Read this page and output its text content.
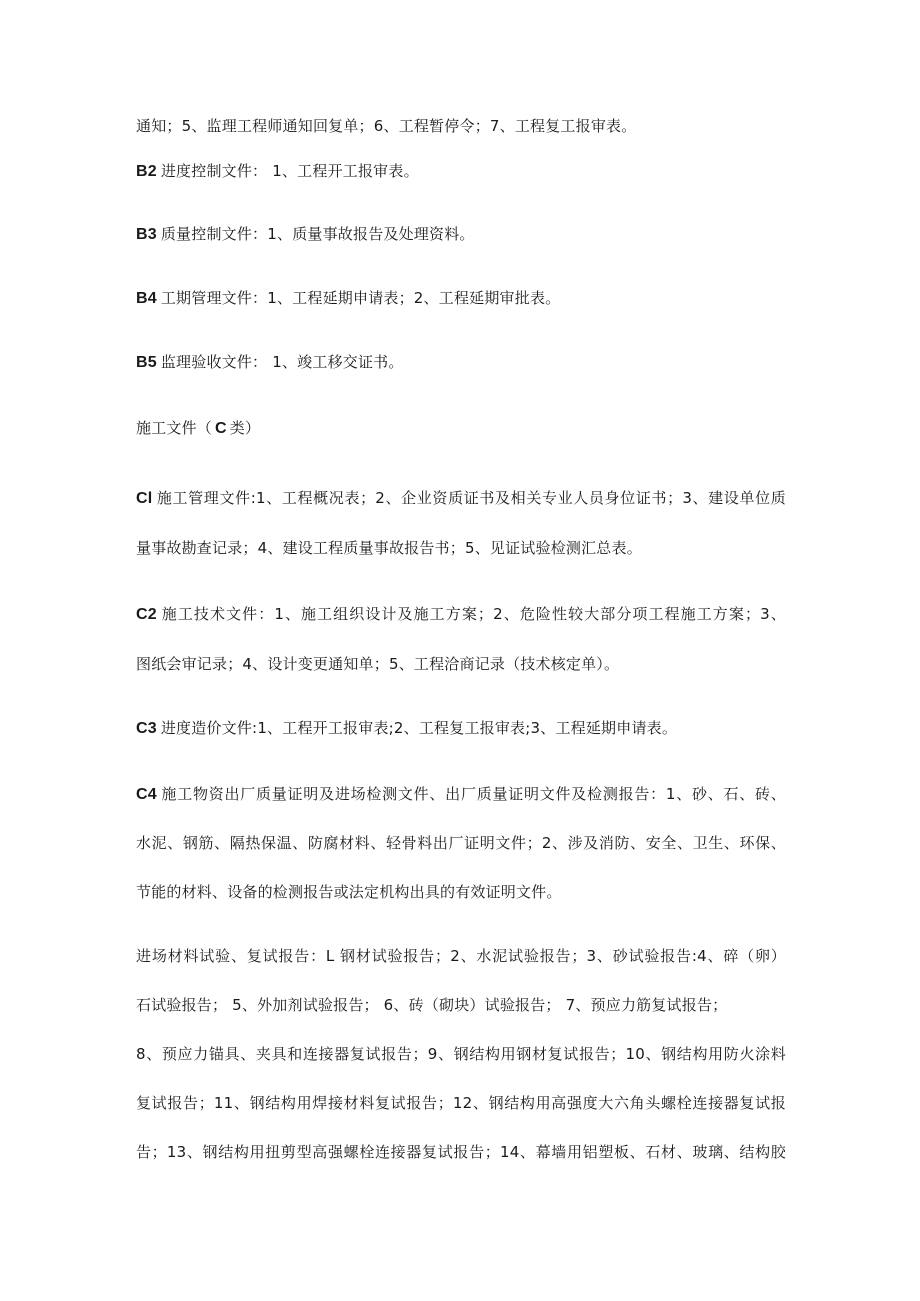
通知；5、监理工程师通知回复单；6、工程暂停令；7、工程复工报审表。
B2 进度控制文件： 1、工程开工报审表。
B3 质量控制文件：1、质量事故报告及处理资料。
B4 工期管理文件：1、工程延期申请表；2、工程延期审批表。
B5 监理验收文件： 1、竣工移交证书。
施工文件（ C 类）
Cl 施工管理文件:1、工程概况表；2、企业资质证书及相关专业人员身位证书；3、建设单位质
量事故勘查记录；4、建设工程质量事故报告书；5、见证试验检测汇总表。
C2 施工技术文件：1、施工组织设计及施工方案；2、危险性较大部分项工程施工方案；3、
图纸会审记录；4、设计变更通知单；5、工程洽商记录（技术核定单）。
C3 进度造价文件:1、工程开工报审表;2、工程复工报审表;3、工程延期申请表。
C4 施工物资出厂质量证明及进场检测文件、出厂质量证明文件及检测报告：1、砂、石、砖、
水泥、钢筋、隔热保温、防腐材料、轻骨料出厂证明文件；2、涉及消防、安全、卫生、环保、
节能的材料、设备的检测报告或法定机构出具的有效证明文件。
进场材料试验、复试报告：L 钢材试验报告；2、水泥试验报告；3、砂试验报告:4、碎（卵）
石试验报告； 5、外加剂试验报告； 6、砖（砌块）试验报告； 7、预应力筋复试报告；
8、预应力锚具、夹具和连接器复试报告；9、钢结构用钢材复试报告；10、钢结构用防火涂料
复试报告；11、钢结构用焊接材料复试报告；12、钢结构用高强度大六角头螺栓连接器复试报
告；13、钢结构用扭剪型高强螺栓连接器复试报告；14、幕墙用铝塑板、石材、玻璃、结构胶
